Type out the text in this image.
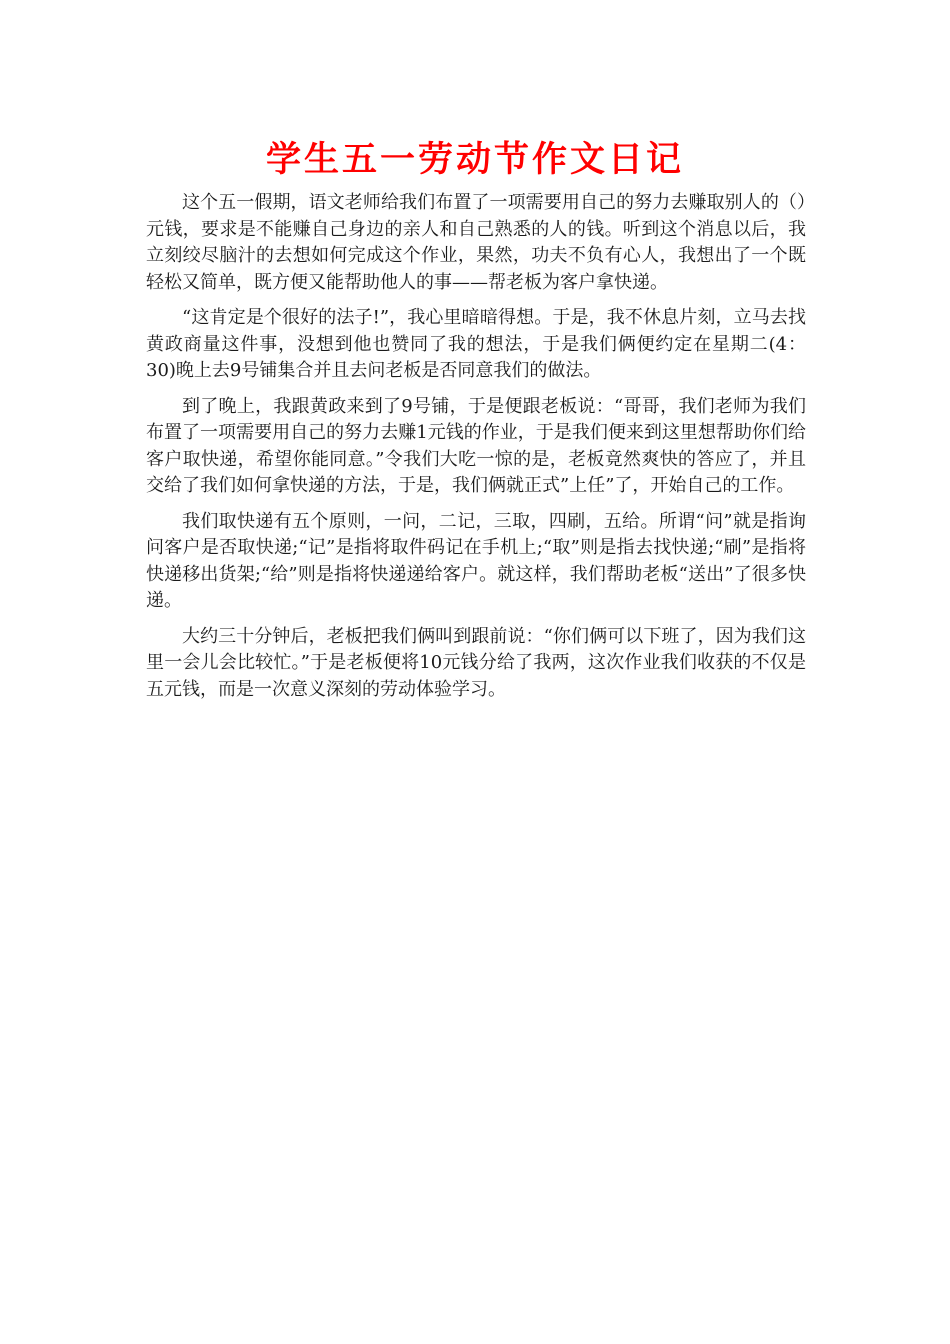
学生五一劳动节作文日记

这个五一假期，语文老师给我们布置了一项需要用自己的努力去赚取别人的（）元钱，要求是不能赚自己身边的亲人和自己熟悉的人的钱。听到这个消息以后，我立刻绞尽脑汁的去想如何完成这个作业，果然，功夫不负有心人，我想出了一个既轻松又简单，既方便又能帮助他人的事——帮老板为客户拿快递。

“这肯定是个很好的法子!”，我心里暗暗得想。于是，我不休息片刻，立马去找黄政商量这件事，没想到他也赞同了我的想法，于是我们俩便约定在星期二(4：30)晚上去9号铺集合并且去问老板是否同意我们的做法。

到了晚上，我跟黄政来到了9号铺，于是便跟老板说：“哥哥，我们老师为我们布置了一项需要用自己的努力去赚1元钱的作业，于是我们便来到这里想帮助你们给客户取快递，希望你能同意。”令我们大吃一惊的是，老板竟然爽快的答应了，并且交给了我们如何拿快递的方法，于是，我们俩就正式”上任”了，开始自己的工作。

我们取快递有五个原则，一问，二记，三取，四刷，五给。所谓“问”就是指询问客户是否取快递;“记”是指将取件码记在手机上;“取”则是指去找快递;“刷”是指将快递移出货架;“给”则是指将快递递给客户。就这样，我们帮助老板“送出”了很多快递。

大约三十分钟后，老板把我们俩叫到跟前说：“你们俩可以下班了，因为我们这里一会儿会比较忙。”于是老板便将10元钱分给了我两，这次作业我们收获的不仅是五元钱，而是一次意义深刻的劳动体验学习。
